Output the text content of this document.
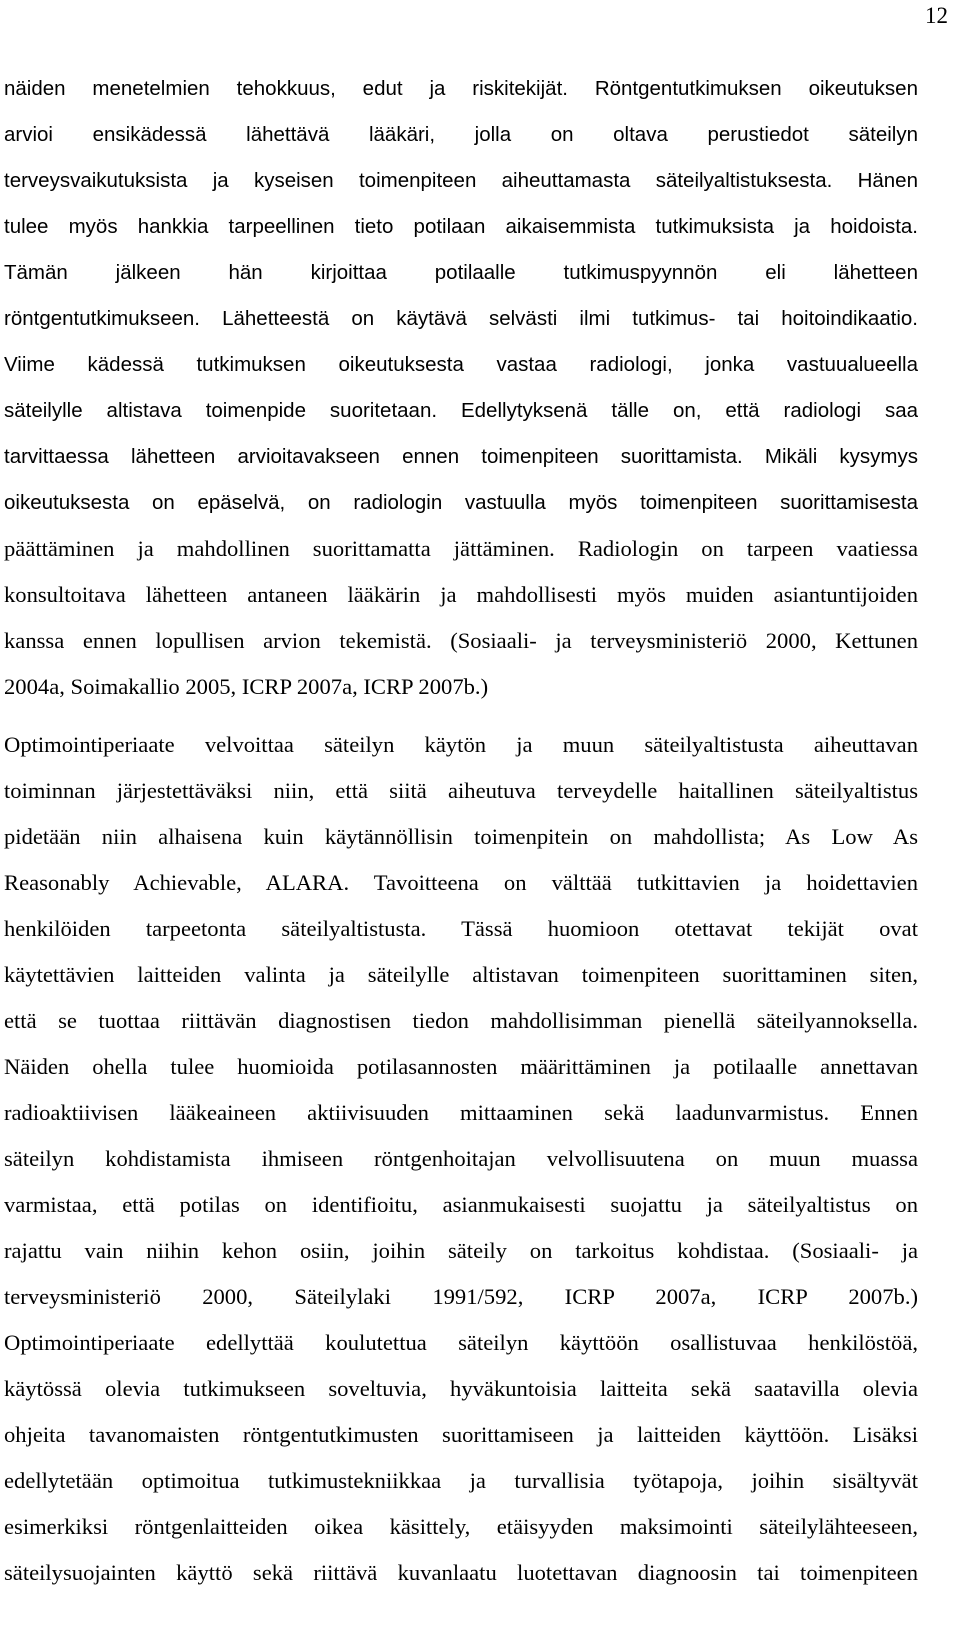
12
näiden menetelmien tehokkuus, edut ja riskitekijät. Röntgentutkimuksen oikeutuksen
arvioi ensikädessä lähettävä lääkäri, jolla on oltava perustiedot säteilyn
terveysvaikutuksista ja kyseisen toimenpiteen aiheuttamasta säteilyaltistuksesta. Hänen
tulee myös hankkia tarpeellinen tieto potilaan aikaisemmista tutkimuksista ja hoidoista.
Tämän jälkeen hän kirjoittaa potilaalle tutkimuspyynnön eli lähetteen
röntgentutkimukseen. Lähetteestä on käytävä selvästi ilmi tutkimus- tai hoitoindikaatio.
Viime kädessä tutkimuksen oikeutuksesta vastaa radiologi, jonka vastuualueella
säteilylle altistava toimenpide suoritetaan. Edellytyksenä tälle on, että radiologi saa
tarvittaessa lähetteen arvioitavakseen ennen toimenpiteen suorittamista. Mikäli kysymys
oikeutuksesta on epäselvä, on radiologin vastuulla myös toimenpiteen suorittamisesta
päättäminen ja mahdollinen suorittamatta jättäminen. Radiologin on tarpeen vaatiessa
konsultoitava lähetteen antaneen lääkärin ja mahdollisesti myös muiden asiantuntijoiden
kanssa ennen lopullisen arvion tekemistä. (Sosiaali- ja terveysministeriö 2000, Kettunen
2004a, Soimakallio 2005, ICRP 2007a, ICRP 2007b.)
Optimointiperiaate velvoittaa säteilyn käytön ja muun säteilyaltistusta aiheuttavan
toiminnan järjestettäväksi niin, että siitä aiheutuva terveydelle haitallinen säteilyaltistus
pidetään niin alhaisena kuin käytännöllisin toimenpitein on mahdollista; As Low As
Reasonably Achievable, ALARA. Tavoitteena on välttää tutkittavien ja hoidettavien
henkilöiden tarpeetonta säteilyaltistusta. Tässä huomioon otettavat tekijät ovat
käytettävien laitteiden valinta ja säteilylle altistavan toimenpiteen suorittaminen siten,
että se tuottaa riittävän diagnostisen tiedon mahdollisimman pienellä säteilyannoksella.
Näiden ohella tulee huomioida potilasannosten määrittäminen ja potilaalle annettavan
radioaktiivisen lääkeaineen aktiivisuuden mittaaminen sekä laadunvarmistus. Ennen
säteilyn kohdistamista ihmiseen röntgenhoitajan velvollisuutena on muun muassa
varmistaa, että potilas on identifioitu, asianmukaisesti suojattu ja säteilyaltistus on
rajattu vain niihin kehon osiin, joihin säteily on tarkoitus kohdistaa. (Sosiaali- ja
terveysministeriö 2000, Säteilylaki 1991/592, ICRP 2007a, ICRP 2007b.)
Optimointiperiaate edellyttää koulutettua säteilyn käyttöön osallistuvaa henkilöstöä,
käytössä olevia tutkimukseen soveltuvia, hyväkuntoisia laitteita sekä saatavilla olevia
ohjeita tavanomaisten röntgentutkimusten suorittamiseen ja laitteiden käyttöön. Lisäksi
edellytetään optimoitua tutkimustekniikkaa ja turvallisia työtapoja, joihin sisältyvät
esimerkiksi röntgenlaitteiden oikea käsittely, etäisyyden maksimointi säteilylähteeseen,
säteilysuojainten käyttö sekä riittävä kuvanlaatu luotettavan diagnoosin tai toimenpiteen
